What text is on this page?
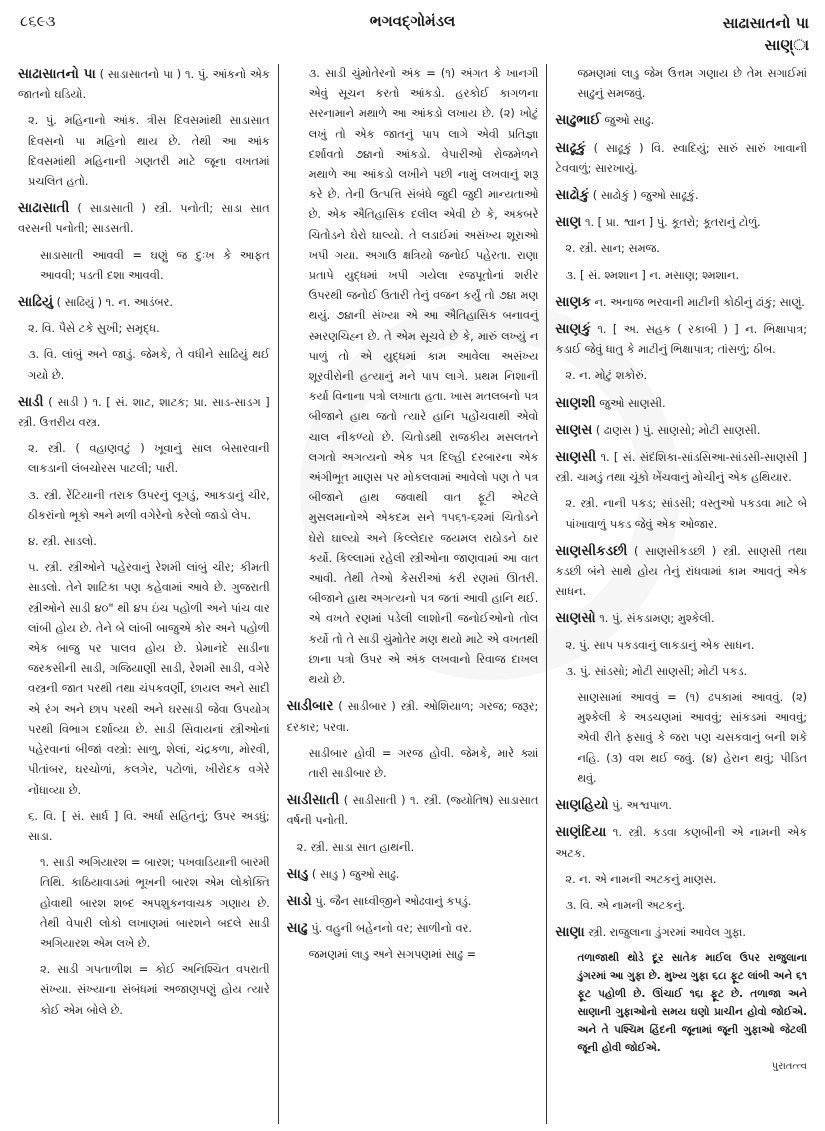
૮૬૯૩	ભગવદ્ગોમંડલ	સાઢાસાતનો પા
સાણ્ા
સાઢાસાતનો પા ( સાડાસાતનો પા ) ૧. પું. આંકનો એક જાતનો ઘડિયો.
૨. પું. મહિનાનો આંક. ત્રીસ દિવસમાંથી સાડાસાત દિવસનો પા મહિનો થાય છે. તેથી આ આંક દિવસમાંથી મહિનાની ગણતરી માટે જૂના વખતમાં પ્રચલિત હતો.
સાઢાસાતી ( સાડાસાતી ) સ્ત્રી. પનોતી; સાડા સાત વરસની પનોતી; સાડસતી.
સાડાસાતી આવવી = ઘણું જ દુઃખ કે આફત આવવી; પડતી દશા આવવી.
સાઢિયું ( સાઢિયું ) ૧. ન. આડંબર.
૨. વિ. પૈસે ટકે સુખી; સમૃદ્ધ.
૩. વિ. લાંબું અને જાડું. જેમકે, તે વધીને સાઢિયું થઈ ગયો છે.
સાડી ( સાડી ) ૧. [ સં. શાટ, શાટક; પ્રા. સાડ-સાડગ ] સ્ત્રી. ઉત્તરીય વસ્ત્ર.
૨. સ્ત્રી. ( વહાણવટું ) ખૂવાનું સાલ બેસારવાની લાકડાની લંબચોરસ પાટલી; પારી.
૩. સ્ત્રી. રેંટિયાની તરાક ઉપરનું લૂગડું, આકડાનું ચીર, ઠીકરાંનો ભૂકો અને મળી વગેરેનો કરેલો જાડો લેપ.
૪. સ્ત્રી. સાડલો.
૫. સ્ત્રી. સ્ત્રીઓને પહેરવાનું રેશમી લાંબું ચીર; કીમતી સાડલો. તેને શાટિકા પણ કહેવામાં આવે છે. ગુજરાતી સ્ત્રીઓને સાડી ૪૦" થી ૪૫ ઇંચ પહોળી અને પાંચ વાર લાંબી હોય છે. તેને બે લાંબી બાજુએ કોર અને પહોળી એક બાજુ પર પાલવ હોય છે. પ્રેમાનંદે સાડીના જરકસીની સાડી, ગજિયાણી સાડી, રેશમી સાડી, વગેરે વસ્ત્રની જાત પરથી તથા ચંપકવર્ણી, છાયલ અને સાદી એ રંગ અને છાપ પરથી અને ઘરસાડી જેવા ઉપયોગ પરથી વિભાગ દર્શાવ્યા છે. સાડી સિવાયનાં સ્ત્રીઓનાં પહેરવાનાં બીજાં વસ્ત્રો: સાળુ, શેલાં, ચંદ્રકળા, મોરવી, પીતાંબર, ઘરચોળાં, કલગેર, પટોળાં, ખીરોદક વગેરે નોંધાવ્યા છે.
૬. વિ. [ સં. સાર્ધ ] વિ. અર્ધા સહિતનું; ઉપર અડધું; સાડા.
૧. સાડી અગિયારશ = બારશ; પખવાડિયાની બારમી તિથિ. કાઠિયાવાડમાં ભૂખની બારશ એમ લોકોક્તિ હોવાથી બારશ શબ્દ અપશુકનવાચક ગણાય છે. તેથી વેપારી લોકો લખાણમાં બારશને બદલે સાડી અગિયારશ એમ લખે છે.
૨. સાડી ગપતાળીશ = કોઈ અનિશ્ચિત વપરાતી સંખ્યા. સંખ્યાના સંબંધમાં અજાણપણું હોય ત્યારે કોઈ એમ બોલે છે.
૩. સાડી ચુંમોતેરનો અંક = (૧) અંગત કે ખાનગી એવું સૂચન કરતો આંકડો. હરકોઈ કાગળના સરનામાને મથાળે આ આંકડો લખાય છે. (૨) ખોટું લખું તો એક જાતનું પાપ લાગે એવી પ્રતિજ્ઞા દર્શાવતો ૭૪ાનો આંકડો. વેપારીઓ રોજમેળને મથાળે આ આંકડો લખીને પછી નામું લખવાનું શરૂ કરે છે. તેની ઉત્પત્તિ સંબંધે જુદી જુદી માન્યતાઓ છે. એક ઐતિહાસિક દલીલ એવી છે કે, અકબરે ચિતોડને ઘેરો ઘાલ્યો. તે લડાઈમાં અસંખ્ય શૂરાઓ ખપી ગયા. અગાઉ ક્ષત્રિયો જનોઈ પહેરતા. રાણા પ્રતાપે યુદ્ધમાં ખપી ગયેલા રજપૂતોનાં શરીર ઉપરથી જનોઈ ઉતારી તેનું વજન કર્યું તો ૭૪ા મણ થયું. ૭૪ાની સંખ્યા એ આ ઐતિહાસિક બનાવનું સ્મરણચિહ્ન છે. તે એમ સૂચવે છે કે, મારું લખ્યું ન પાળું તો એ યુદ્ધમાં કામ આવેલા અસંખ્ય શૂરવીરોની હત્યાનું મને પાપ લાગે. પ્રથમ નિશાની કર્યા વિનાના પત્રો લખાતા હતા. ખાસ મતલબનો પત્ર બીજાને હાથ જતો ત્યારે હાનિ પહોંચવાથી એવો ચાલ નીકળ્યો છે. ચિતોડથી રાજકીય મસલતને લગતો અગત્યનો એક પત્ર દિલ્હી દરબારના એક અંગીભૂત માણસ પર મોકલવામાં આવેલો પણ તે પત્ર બીજાને હાથ જવાથી વાત ફૂટી એટલે મુસલમાનોએ એકદમ સને ૧૫૬૧-૬૨માં ચિતોડને ઘેરો ઘાલ્યો અને કિલ્લેદાર જયમલ રાઠોડને ઠાર કર્યો. કિલ્લામાં રહેલી સ્ત્રીઓના જાણવામાં આ વાત આવી. તેથી તેઓ કેસરીઆં કરી રણમાં ઊતરી. બીજાને હાથ અગત્યનો પત્ર જતાં આવી હાનિ થઈ. એ વખતે રણમાં પડેલી લાશોની જનોઈઓનો તોલ કર્યો તો તે સાડી ચુંમોતેર મણ થયો માટે એ વખતથી છાના પત્રો ઉપર એ અંક લખવાનો રિવાજ દાખલ થયો છે.
સાડીબાર ( સાડીબાર ) સ્ત્રી. ઓશિયાળ; ગરજ; જરૂર; દરકાર; પરવા.
સાડીબાર હોવી = ગરજ હોવી. જેમકે, મારે ક્યાં તારી સાડીબાર છે.
સાડીસાતી ( સાડીસાતી ) ૧. સ્ત્રી. (જ્યોતિષ) સાડાસાત વર્ષની પનોતી.
૨. સ્ત્રી. સાડા સાત હાથની.
સાડુ ( સાડુ ) જુઓ સાઢુ.
સાડો પું. જૈન સાધ્વીજીને ઓઢવાનું કપડું.
સાઢુ પું. વહુની બહેનનો વર; સાળીનો વર.
જમણમાં લાડુ અને સગપણમાં સાઢુ =
જમણમાં લાડુ જેમ ઉત્તમ ગણાય છે તેમ સગાઈમાં સાઢુનું સમજવું.
સાઢુભાઈ જુઓ સાઢુ.
સાઢૂકું ( સાઢૂકું ) વિ. સ્વાદિયું; સારું સારું ખાવાની ટેવવાળું; સારખાયું.
સાઢોકું ( સાઢોકું ) જુઓ સાઢૂકું.
સાણ ૧. [ પ્રા. શ્વાન ] પું. કૂતરો; કૂતરાનું ટોળું.
૨. સ્ત્રી. સાન; સમજ.
૩. [ સં. શ્મશાન ] ન. મસાણ; શ્મશાન.
સાણક ન. અનાજ ભરવાની માટીની કોઠીનું ઢાંકું; સાણું.
સાણકું ૧. [ અ. સહક ( રકાબી ) ] ન. ભિક્ષાપાત્ર; કડાઈ જેવું ધાતુ કે માટીનું ભિક્ષાપાત્ર; તાંસળું; ઠીબ.
૨. ન. મોટું શકોરું.
સાણશી જુઓ સાણસી.
સાણસ ( ઢાણસ ) પું. સાણસો; મોટી સાણસી.
સાણસી ૧. [ સં. સંદંશિકા-સાંડસિઆ-સાંડસી-સાણસી ] સ્ત્રી. ચામડું તથા ચૂંકો ખેંચવાનું મોચીનું એક હથિયાર.
૨. સ્ત્રી. નાની પકડ; સાંડસી; વસ્તુઓ પકડવા માટે બે પાંખાવાળું પકડ જેવું એક ઓજાર.
સાણસીકડછી ( સાણસીકડછી ) સ્ત્રી. સાણસી તથા કડછી બંને સાથે હોય તેનું રાંધવામાં કામ આવતું એક સાધન.
સાણસો ૧. પું. સંકડામણ; મુશ્કેલી.
૨. પું. સાપ પકડવાનું લાકડાનું એક સાધન.
૩. પું. સાંડસો; મોટી સાણસી; મોટી પકડ.
સાણસામાં આવવું = (૧) ઢપકામાં આવવું. (૨) મુશ્કેલી કે અડચણમાં આવવું; સાંકડમાં આવવું; એવી રીતે ફસાવું કે જરા પણ ચસકવાનું બની શકે નહિ. (૩) વશ થઈ જવું. (૪) હેરાન થવું; પીડિત થવું.
સાણહિયો પું. અશ્વપાળ.
સાણંદિયા ૧. સ્ત્રી. કડવા કણબીની એ નામની એક અટક.
૨. ન. એ નામની અટકનું માણસ.
૩. વિ. એ નામની અટકનું.
સાણા સ્ત્રી. રાજુલાના ડુંગરમાં આવેલ ગુફા.
તળાજાથી થોડે દૂર સાતેક માઈલ ઉપર રાજુલાના ડુંગરમાં આ ગુફા છે. મુખ્ય ગુફા ૬૮ા ફૂટ લાંબી અને ૬૧ ફૂટ પહોળી છે. ઊંચાઈ ૧૬ા ફૂટ છે. તળાજા અને સાણાની ગુફાઓનો સમય ઘણો પ્રાચીન હોવો જોઈએ. અને તે પશ્ચિમ હિંદની જૂનામાં જૂની ગુફાઓ જેટલી જૂની હોવી જોઈએ.
પુરાતત્ત્વ
